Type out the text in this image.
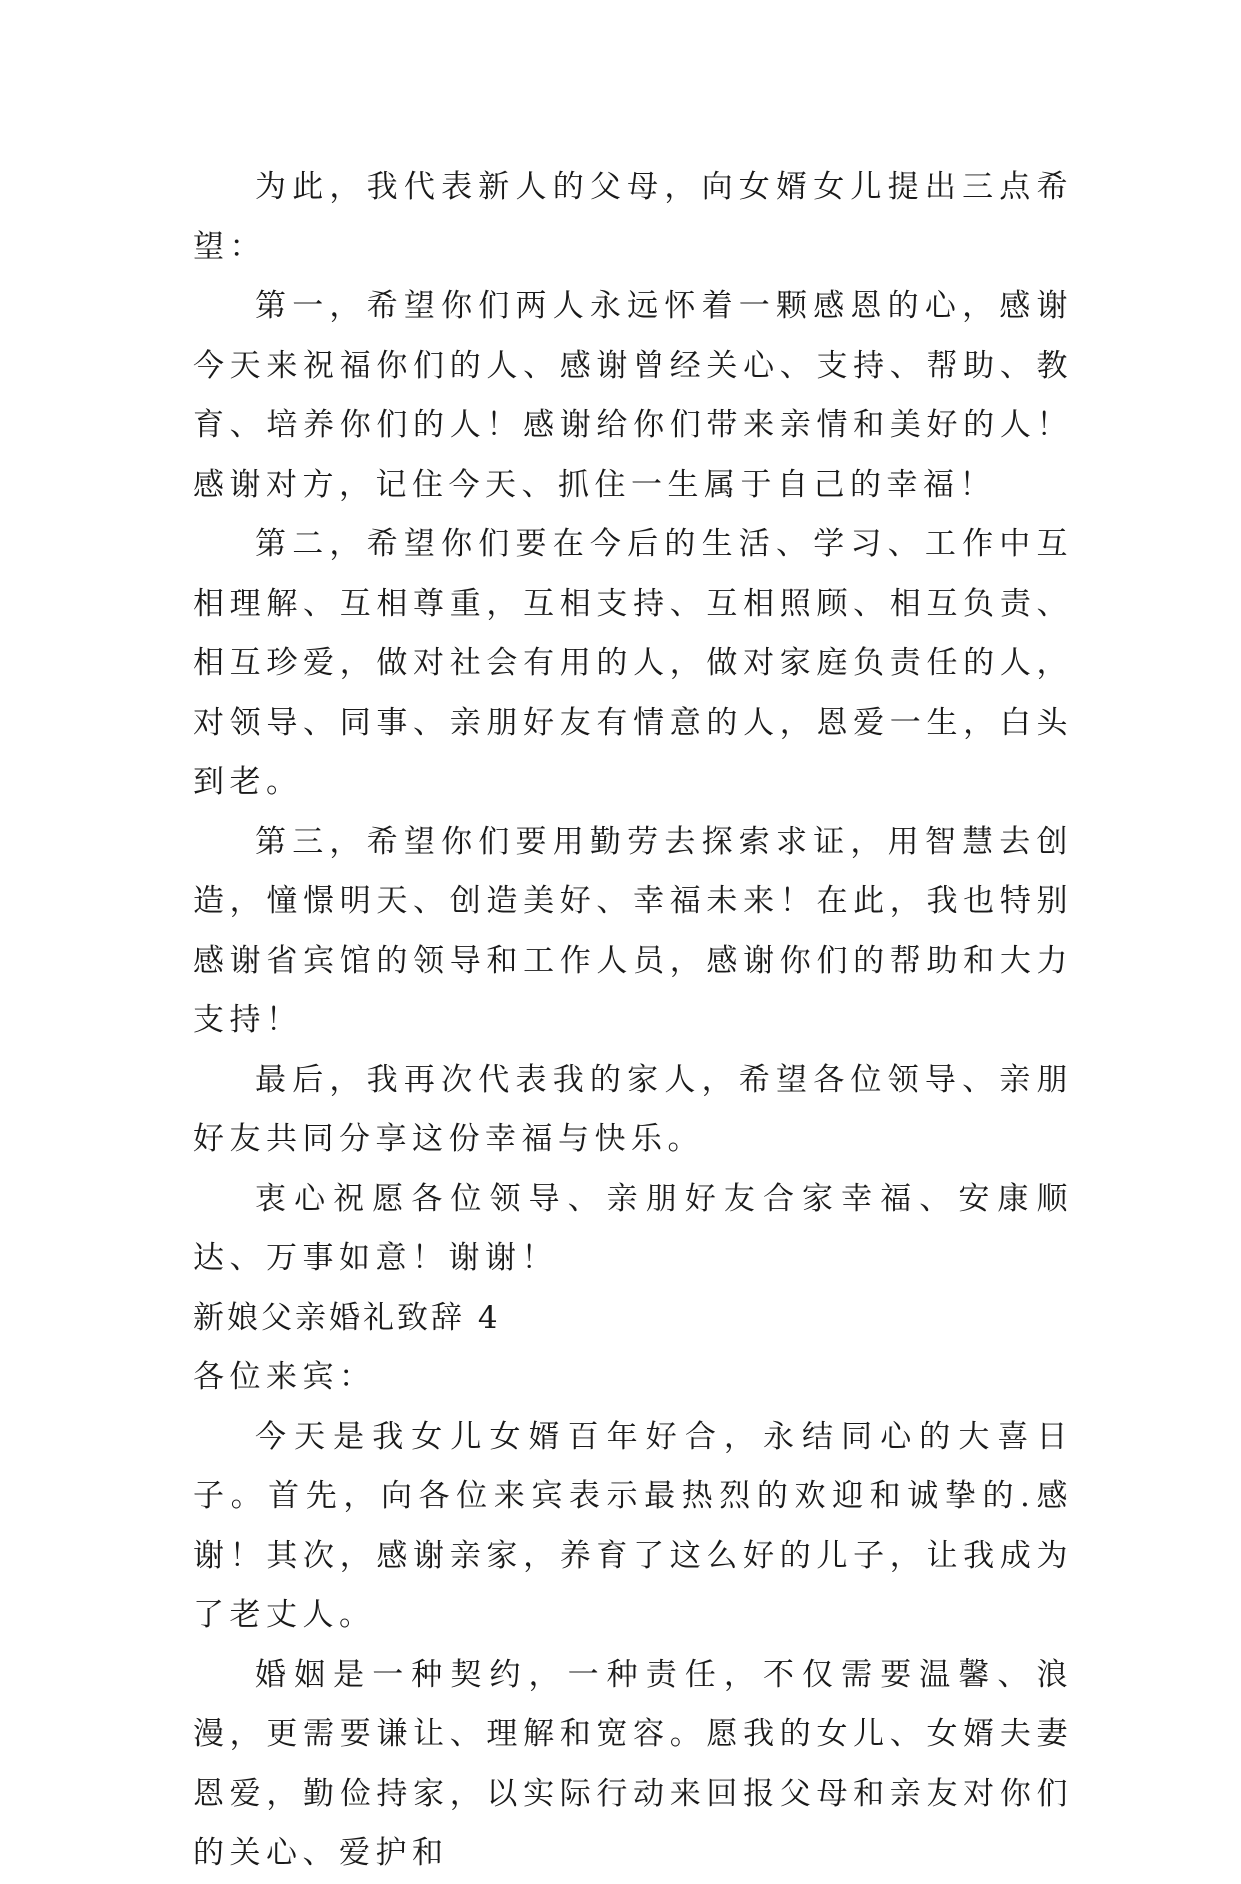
为此，我代表新人的父母，向女婿女儿提出三点希望：

第一，希望你们两人永远怀着一颗感恩的心，感谢今天来祝福你们的人、感谢曾经关心、支持、帮助、教育、培养你们的人！感谢给你们带来亲情和美好的人！感谢对方，记住今天、抓住一生属于自己的幸福！

第二，希望你们要在今后的生活、学习、工作中互相理解、互相尊重，互相支持、互相照顾、相互负责、相互珍爱，做对社会有用的人，做对家庭负责任的人，对领导、同事、亲朋好友有情意的人，恩爱一生，白头到老。

第三，希望你们要用勤劳去探索求证，用智慧去创造，憧憬明天、创造美好、幸福未来！在此，我也特别感谢省宾馆的领导和工作人员，感谢你们的帮助和大力支持！

最后，我再次代表我的家人，希望各位领导、亲朋好友共同分享这份幸福与快乐。

衷心祝愿各位领导、亲朋好友合家幸福、安康顺达、万事如意！谢谢！

新娘父亲婚礼致辞 4

各位来宾：

今天是我女儿女婿百年好合，永结同心的大喜日子。首先，向各位来宾表示最热烈的欢迎和诚挚的.感谢！其次，感谢亲家，养育了这么好的儿子，让我成为了老丈人。

婚姻是一种契约，一种责任，不仅需要温馨、浪漫，更需要谦让、理解和宽容。愿我的女儿、女婿夫妻恩爱，勤俭持家，以实际行动来回报父母和亲友对你们的关心、爱护和
